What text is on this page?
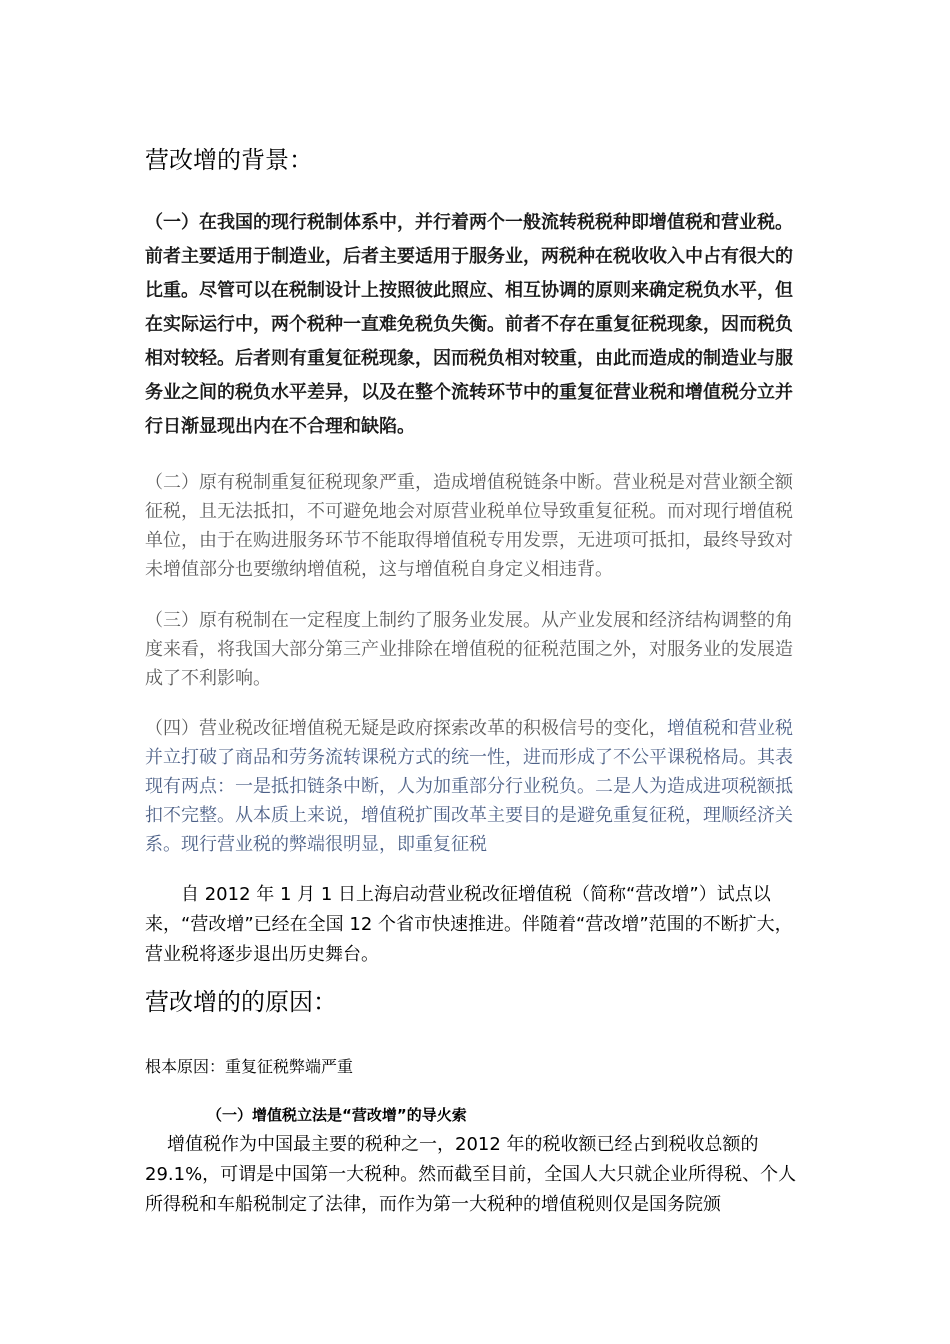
营改增的背景：

（一）在我国的现行税制体系中，并行着两个一般流转税税种即增值税和营业税。前者主要适用于制造业，后者主要适用于服务业，两税种在税收收入中占有很大的比重。尽管可以在税制设计上按照彼此照应、相互协调的原则来确定税负水平，但在实际运行中，两个税种一直难免税负失衡。前者不存在重复征税现象，因而税负相对较轻。后者则有重复征税现象，因而税负相对较重，由此而造成的制造业与服务业之间的税负水平差异，以及在整个流转环节中的重复征营业税和增值税分立并行日渐显现出内在不合理和缺陷。

（二）原有税制重复征税现象严重，造成增值税链条中断。营业税是对营业额全额征税，且无法抵扣，不可避免地会对原营业税单位导致重复征税。而对现行增值税单位，由于在购进服务环节不能取得增值税专用发票，无进项可抵扣，最终导致对未增值部分也要缴纳增值税，这与增值税自身定义相违背。

（三）原有税制在一定程度上制约了服务业发展。从产业发展和经济结构调整的角度来看，将我国大部分第三产业排除在增值税的征税范围之外，对服务业的发展造成了不利影响。

（四）营业税改征增值税无疑是政府探索改革的积极信号的变化，增值税和营业税并立打破了商品和劳务流转课税方式的统一性，进而形成了不公平课税格局。其表现有两点：一是抵扣链条中断，人为加重部分行业税负。二是人为造成进项税额抵扣不完整。从本质上来说，增值税扩围改革主要目的是避免重复征税，理顺经济关系。现行营业税的弊端很明显，即重复征税

自 2012 年 1 月 1 日上海启动营业税改征增值税（简称“营改增”）试点以来，“营改增”已经在全国 12 个省市快速推进。伴随着“营改增”范围的不断扩大，营业税将逐步退出历史舞台。

营改增的的原因：

根本原因：重复征税弊端严重

（一）增值税立法是“营改增”的导火索

增值税作为中国最主要的税种之一，2012 年的税收额已经占到税收总额的29.1%，可谓是中国第一大税种。然而截至目前，全国人大只就企业所得税、个人所得税和车船税制定了法律，而作为第一大税种的增值税则仅是国务院颁
